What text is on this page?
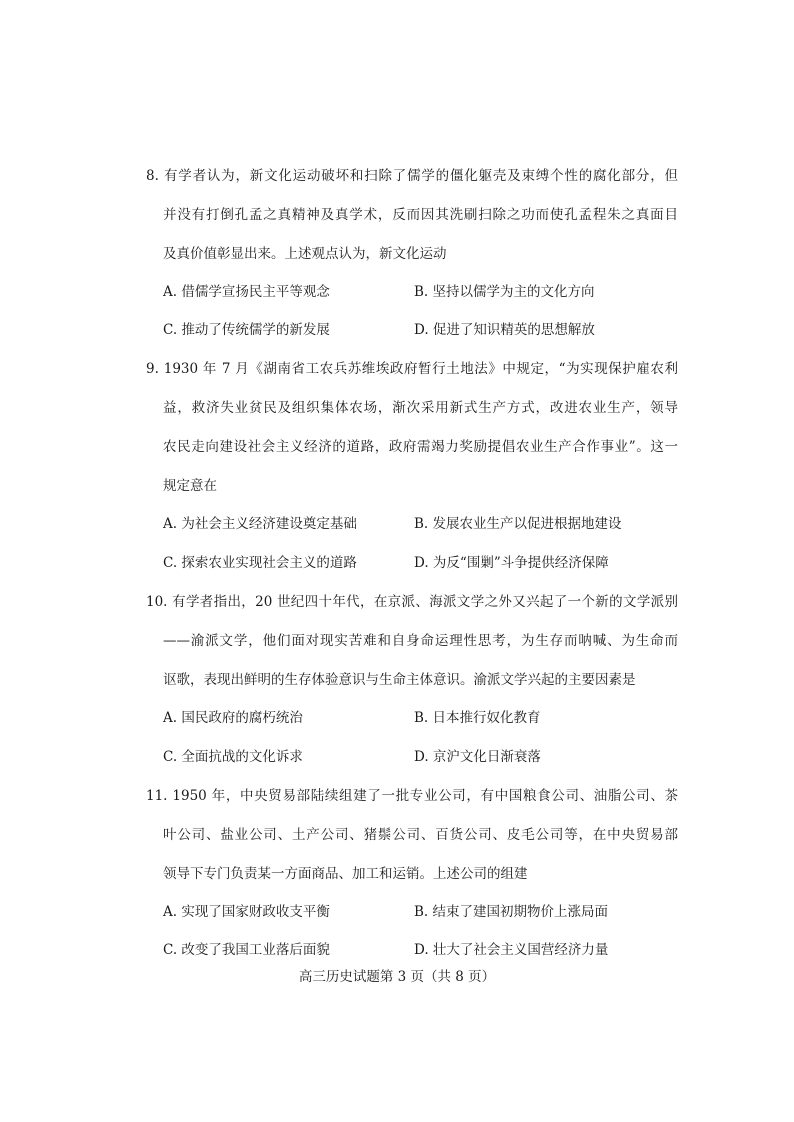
8. 有学者认为，新文化运动破坏和扫除了儒学的僵化躯壳及束缚个性的腐化部分，但
并没有打倒孔孟之真精神及真学术，反而因其洗刷扫除之功而使孔孟程朱之真面目
及真价值彰显出来。上述观点认为，新文化运动
A. 借儒学宣扬民主平等观念	B. 坚持以儒学为主的文化方向
C. 推动了传统儒学的新发展	D. 促进了知识精英的思想解放
9. 1930 年 7 月《湖南省工农兵苏维埃政府暂行土地法》中规定，“为实现保护雇农利
益，救济失业贫民及组织集体农场，渐次采用新式生产方式，改进农业生产，领导
农民走向建设社会主义经济的道路，政府需竭力奖励提倡农业生产合作事业”。这一
规定意在
A. 为社会主义经济建设奠定基础	B. 发展农业生产以促进根据地建设
C. 探索农业实现社会主义的道路	D. 为反“围剿”斗争提供经济保障
10. 有学者指出，20 世纪四十年代，在京派、海派文学之外又兴起了一个新的文学派别
——渝派文学，他们面对现实苦难和自身命运理性思考，为生存而呐喊、为生命而
讴歌，表现出鲜明的生存体验意识与生命主体意识。渝派文学兴起的主要因素是
A. 国民政府的腐朽统治	B. 日本推行奴化教育
C. 全面抗战的文化诉求	D. 京沪文化日渐衰落
11. 1950 年，中央贸易部陆续组建了一批专业公司，有中国粮食公司、油脂公司、茶
叶公司、盐业公司、土产公司、猪鬃公司、百货公司、皮毛公司等，在中央贸易部
领导下专门负责某一方面商品、加工和运销。上述公司的组建
A. 实现了国家财政收支平衡	B. 结束了建国初期物价上涨局面
C. 改变了我国工业落后面貌	D. 壮大了社会主义国营经济力量
高三历史试题第 3 页（共 8 页）
